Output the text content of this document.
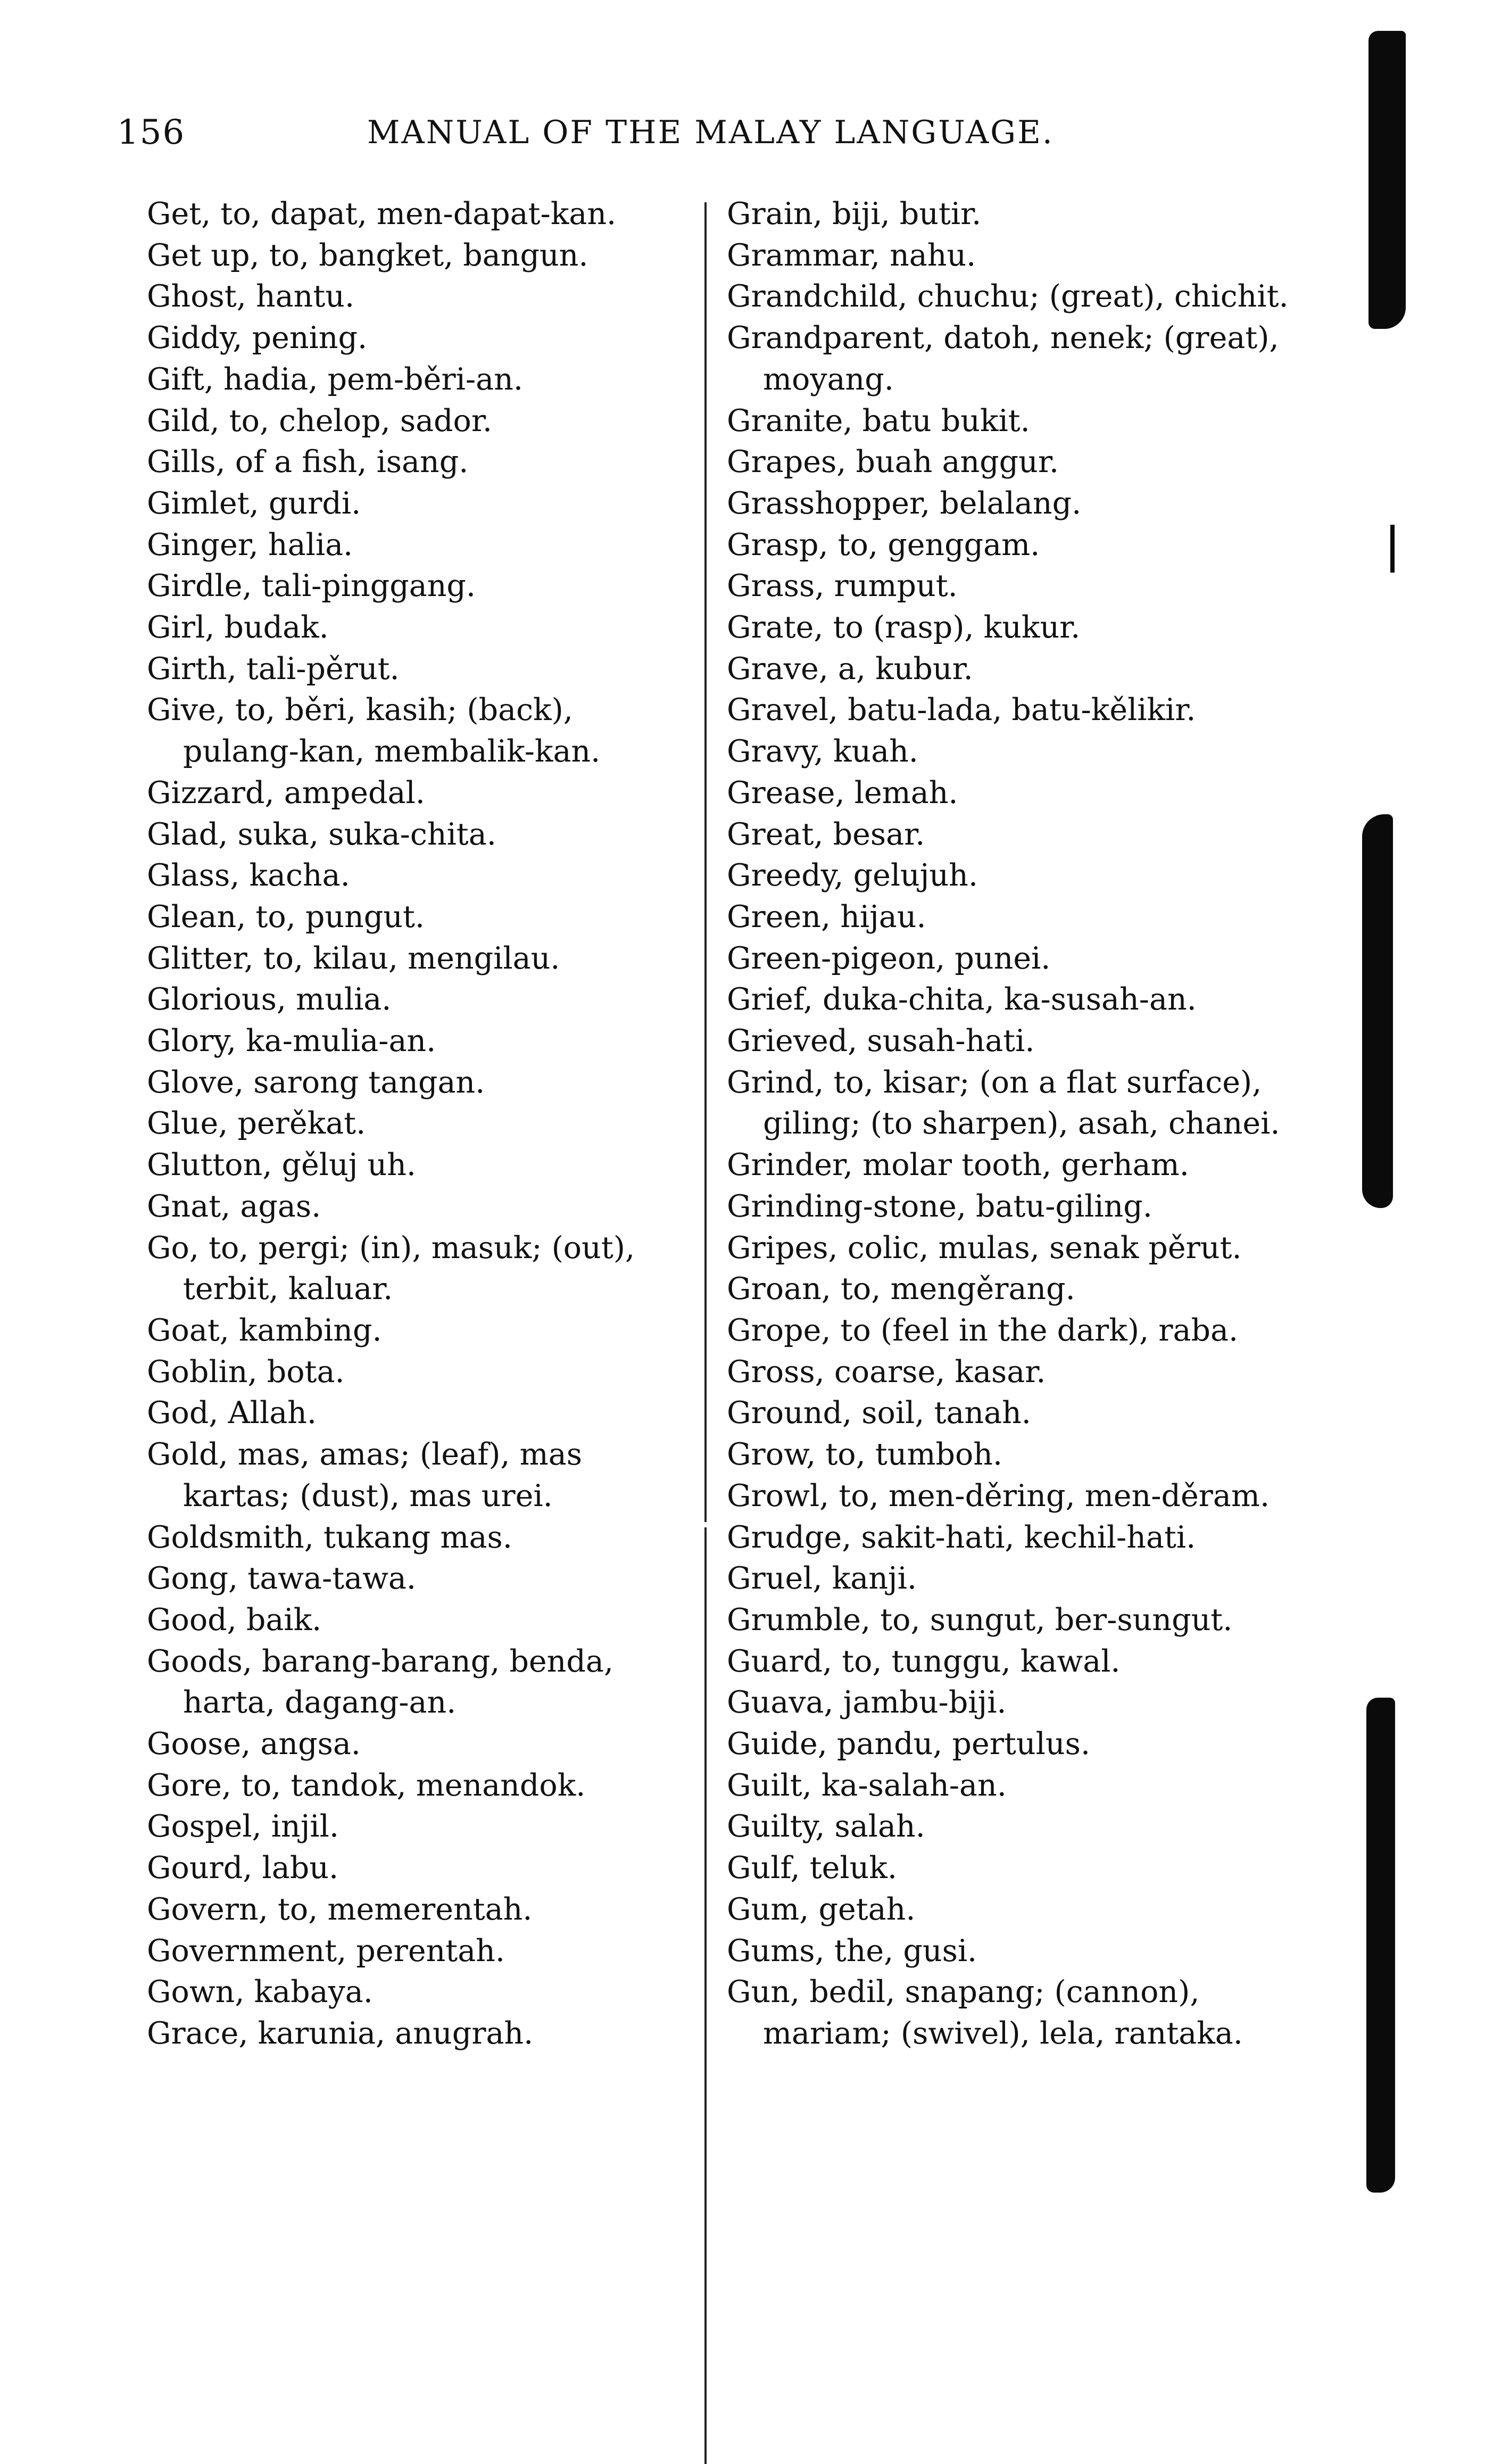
156	MANUAL OF THE MALAY LANGUAGE.
Get, to, dapat, men-dapat-kan.
Get up, to, bangket, bangun.
Ghost, hantu.
Giddy, pening.
Gift, hadia, pem-běri-an.
Gild, to, chelop, sador.
Gills, of a fish, isang.
Gimlet, gurdi.
Ginger, halia.
Girdle, tali-pinggang.
Girl, budak.
Girth, tali-pěrut.
Give, to, běri, kasih; (back), pulang-kan, membalik-kan.
Gizzard, ampedal.
Glad, suka, suka-chita.
Glass, kacha.
Glean, to, pungut.
Glitter, to, kilau, mengilau.
Glorious, mulia.
Glory, ka-mulia-an.
Glove, sarong tangan.
Glue, perěkat.
Glutton, gěluj uh.
Gnat, agas.
Go, to, pergi; (in), masuk; (out), terbit, kaluar.
Goat, kambing.
Goblin, bota.
God, Allah.
Gold, mas, amas; (leaf), mas kartas; (dust), mas urei.
Goldsmith, tukang mas.
Gong, tawa-tawa.
Good, baik.
Goods, barang-barang, benda, harta, dagang-an.
Goose, angsa.
Gore, to, tandok, menandok.
Gospel, injil.
Gourd, labu.
Govern, to, memerentah.
Government, perentah.
Gown, kabaya.
Grace, karunia, anugrah.
Grain, biji, butir.
Grammar, nahu.
Grandchild, chuchu; (great), chichit.
Grandparent, datoh, nenek; (great), moyang.
Granite, batu bukit.
Grapes, buah anggur.
Grasshopper, belalang.
Grasp, to, genggam.
Grass, rumput.
Grate, to (rasp), kukur.
Grave, a, kubur.
Gravel, batu-lada, batu-kělikir.
Gravy, kuah.
Grease, lemah.
Great, besar.
Greedy, gelujuh.
Green, hijau.
Green-pigeon, punei.
Grief, duka-chita, ka-susah-an.
Grieved, susah-hati.
Grind, to, kisar; (on a flat surface), giling; (to sharpen), asah, chanei.
Grinder, molar tooth, gerham.
Grinding-stone, batu-giling.
Gripes, colic, mulas, senak pěrut.
Groan, to, mengěrang.
Grope, to (feel in the dark), raba.
Gross, coarse, kasar.
Ground, soil, tanah.
Grow, to, tumboh.
Growl, to, men-děring, men-děram.
Grudge, sakit-hati, kechil-hati.
Gruel, kanji.
Grumble, to, sungut, ber-sungut.
Guard, to, tunggu, kawal.
Guava, jambu-biji.
Guide, pandu, pertulus.
Guilt, ka-salah-an.
Guilty, salah.
Gulf, teluk.
Gum, getah.
Gums, the, gusi.
Gun, bedil, snapang; (cannon), mariam; (swivel), lela, rantaka.
